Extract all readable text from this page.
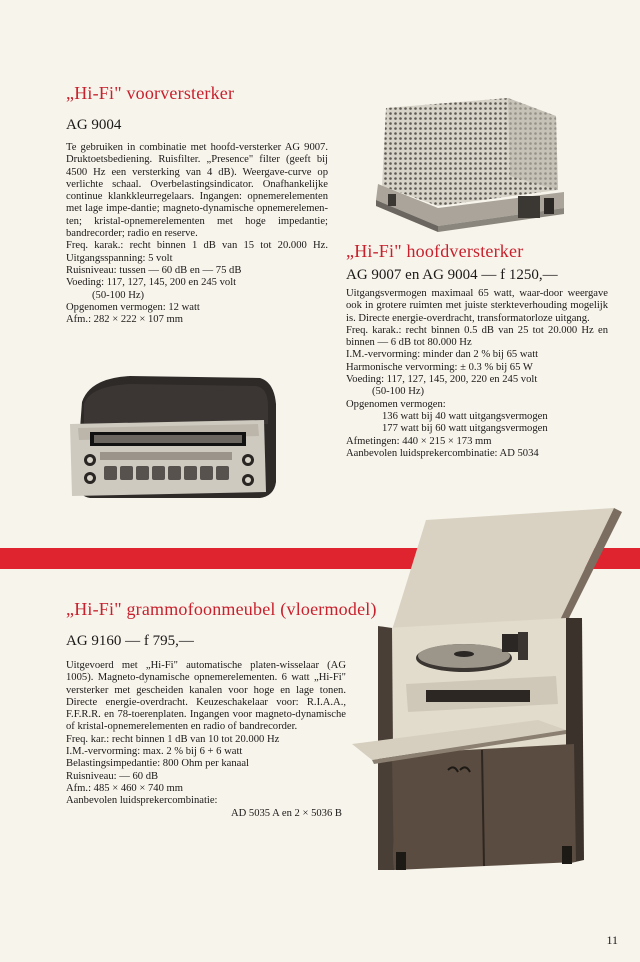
„Hi-Fi" voorversterker
AG 9004

Te gebruiken in combinatie met hoofd-versterker AG 9007. Druktoetsbediening. Ruisfilter. „Presence" filter (geeft bij 4500 Hz een versterking van 4 dB). Weergave-curve op verlichte schaal. Overbelastingsindicator. Onafhankelijke continue klankkleurregelaars. Ingangen: opnemerelementen met lage impe-dantie; magneto-dynamische opnemerelemen-ten; kristal-opnemerelementen met hoge impedantie; bandrecorder; radio en reserve.

Freq. karak.: recht binnen 1 dB van 15 tot 20.000 Hz. Uitgangsspanning: 5 volt

Ruisniveau: tussen — 60 dB en — 75 dB

Voeding: 117, 127, 145, 200 en 245 volt

(50-100 Hz)

Opgenomen vermogen: 12 watt

Afm.: 282 × 222 × 107 mm

„Hi-Fi" hoofdversterker
AG 9007 en AG 9004 — f 1250,—

Uitgangsvermogen maximaal 65 watt, waar-door weergave ook in grotere ruimten met juiste sterkteverhouding mogelijk is. Directe energie-overdracht, transformatorloze uitgang.

Freq. karak.: recht binnen 0.5 dB van 25 tot 20.000 Hz en binnen — 6 dB tot 80.000 Hz

I.M.-vervorming: minder dan 2 % bij 65 watt

Harmonische vervorming: ± 0.3 % bij 65 W

Voeding: 117, 127, 145, 200, 220 en 245 volt

(50-100 Hz)

Opgenomen vermogen:

136 watt bij 40 watt uitgangsvermogen

177 watt bij 60 watt uitgangsvermogen

Afmetingen: 440 × 215 × 173 mm

Aanbevolen luidsprekercombinatie: AD 5034

„Hi-Fi" grammofoonmeubel (vloermodel)
AG 9160 — f 795,—

Uitgevoerd met „Hi-Fi" automatische platen-wisselaar (AG 1005). Magneto-dynamische opnemerelementen. 6 watt „Hi-Fi" versterker met gescheiden kanalen voor hoge en lage tonen. Directe energie-overdracht. Keuzeschakelaar voor: R.I.A.A., F.F.R.R. en 78-toerenplaten. Ingangen voor magneto-dynamische of kristal-opnemerelementen en radio of bandrecorder.

Freq. kar.: recht binnen 1 dB van 10 tot 20.000 Hz

I.M.-vervorming: max. 2 % bij 6 + 6 watt

Belastingsimpedantie: 800 Ohm per kanaal

Ruisniveau: — 60 dB

Afm.: 485 × 460 × 740 mm

Aanbevolen luidsprekercombinatie:

AD 5035 A en 2 × 5036 B

11
